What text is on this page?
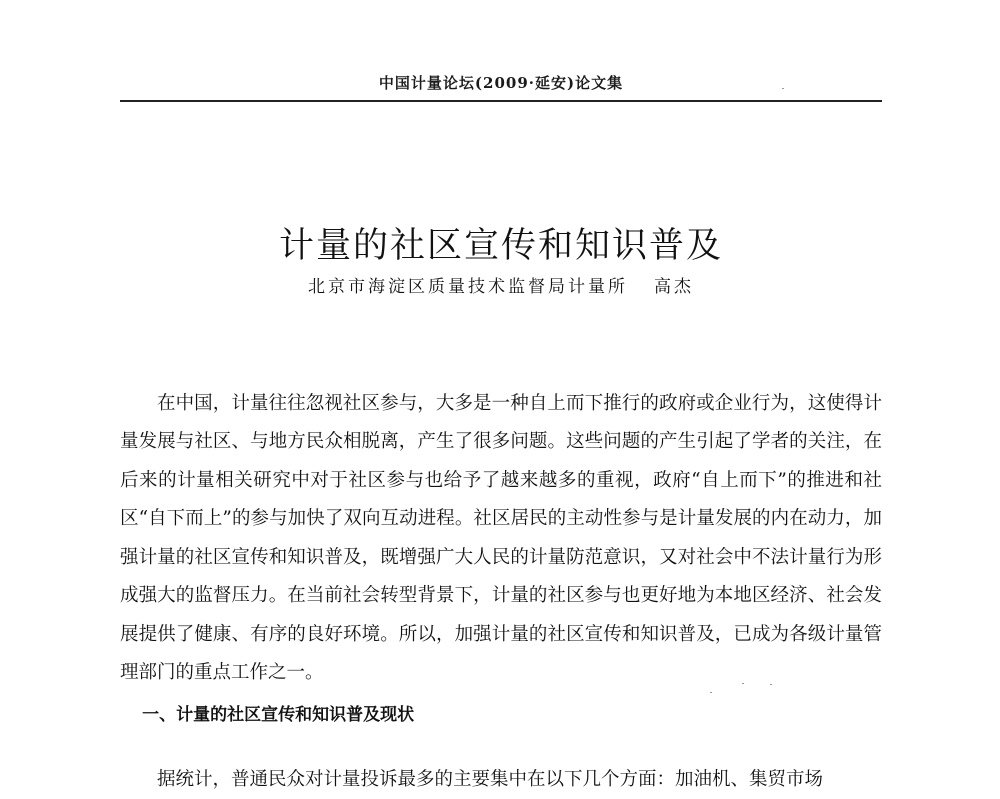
中国计量论坛(2009·延安)论文集
计量的社区宣传和知识普及
北京市海淀区质量技术监督局计量所 高杰

在中国，计量往往忽视社区参与，大多是一种自上而下推行的政府或企业行为，这使得计量发展与社区、与地方民众相脱离，产生了很多问题。这些问题的产生引起了学者的关注，在后来的计量相关研究中对于社区参与也给予了越来越多的重视，政府“自上而下”的推进和社区“自下而上”的参与加快了双向互动进程。社区居民的主动性参与是计量发展的内在动力，加强计量的社区宣传和知识普及，既增强广大人民的计量防范意识，又对社会中不法计量行为形成强大的监督压力。在当前社会转型背景下，计量的社区参与也更好地为本地区经济、社会发展提供了健康、有序的良好环境。所以，加强计量的社区宣传和知识普及，已成为各级计量管理部门的重点工作之一。

一、计量的社区宣传和知识普及现状

据统计，普通民众对计量投诉最多的主要集中在以下几个方面：加油机、集贸市场
